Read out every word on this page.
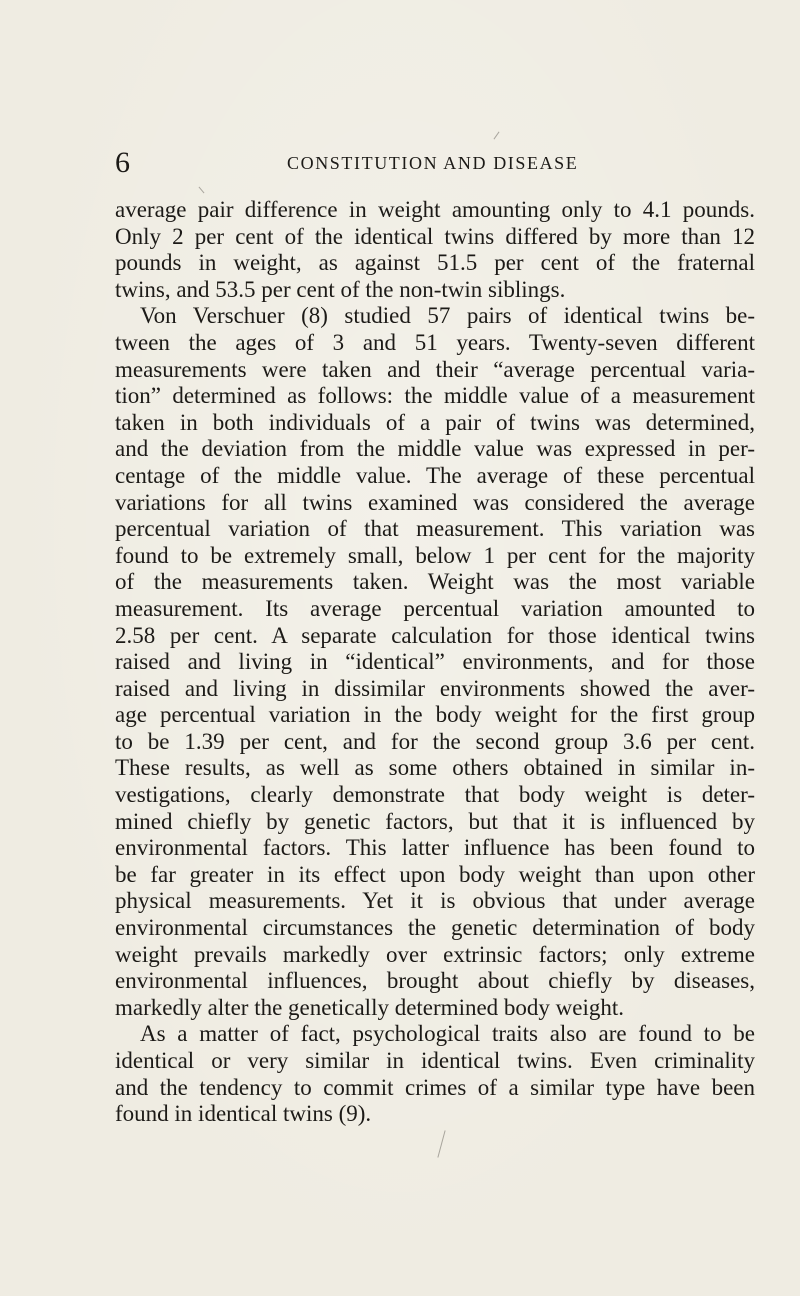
6	CONSTITUTION AND DISEASE
average pair difference in weight amounting only to 4.1 pounds.
Only 2 per cent of the identical twins differed by more than 12
pounds in weight, as against 51.5 per cent of the fraternal
twins, and 53.5 per cent of the non-twin siblings.
Von Verschuer (8) studied 57 pairs of identical twins be-
tween the ages of 3 and 51 years. Twenty-seven different
measurements were taken and their “average percentual varia-
tion” determined as follows: the middle value of a measurement
taken in both individuals of a pair of twins was determined,
and the deviation from the middle value was expressed in per-
centage of the middle value. The average of these percentual
variations for all twins examined was considered the average
percentual variation of that measurement. This variation was
found to be extremely small, below 1 per cent for the majority
of the measurements taken. Weight was the most variable
measurement. Its average percentual variation amounted to
2.58 per cent. A separate calculation for those identical twins
raised and living in “identical” environments, and for those
raised and living in dissimilar environments showed the aver-
age percentual variation in the body weight for the first group
to be 1.39 per cent, and for the second group 3.6 per cent.
These results, as well as some others obtained in similar in-
vestigations, clearly demonstrate that body weight is deter-
mined chiefly by genetic factors, but that it is influenced by
environmental factors. This latter influence has been found to
be far greater in its effect upon body weight than upon other
physical measurements. Yet it is obvious that under average
environmental circumstances the genetic determination of body
weight prevails markedly over extrinsic factors; only extreme
environmental influences, brought about chiefly by diseases,
markedly alter the genetically determined body weight.
As a matter of fact, psychological traits also are found to be
identical or very similar in identical twins. Even criminality
and the tendency to commit crimes of a similar type have been
found in identical twins (9).
